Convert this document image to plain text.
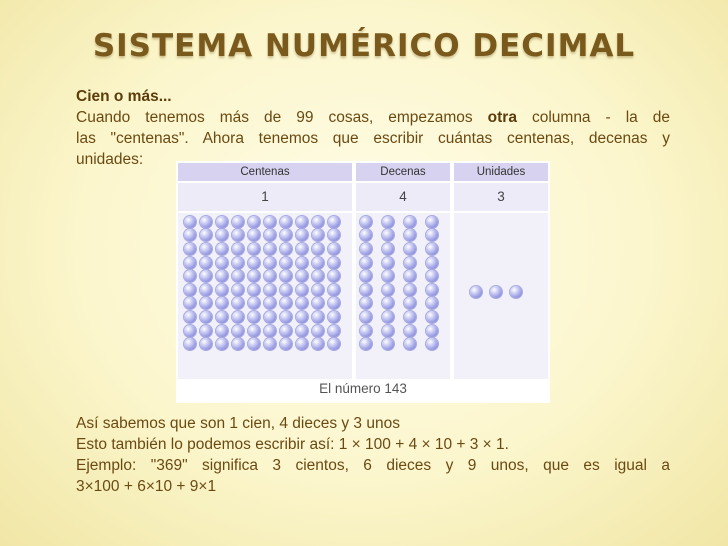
SISTEMA NUMÉRICO DECIMAL
Cien o más...
Cuando tenemos más de 99 cosas, empezamos otra columna - la de
las "centenas". Ahora tenemos que escribir cuántas centenas, decenas y
unidades:
Centenas	Decenas	Unidades
1	4	3
El número 143
Así sabemos que son 1 cien, 4 dieces y 3 unos
Esto también lo podemos escribir así: 1 × 100 + 4 × 10 + 3 × 1.
Ejemplo: "369" significa 3 cientos, 6 dieces y 9 unos, que es igual a
3×100 + 6×10 + 9×1
